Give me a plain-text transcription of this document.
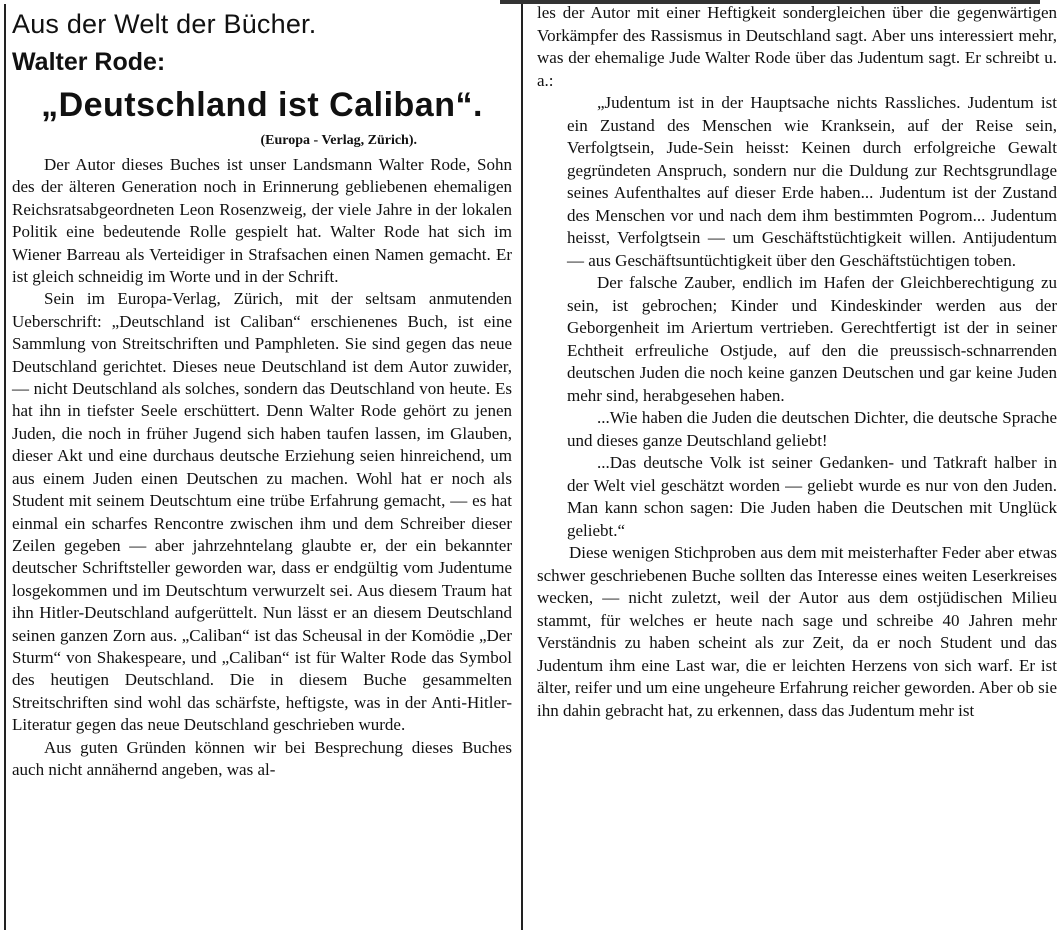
Aus der Welt der Bücher.
Walter Rode:
„Deutschland ist Caliban“.
(Europa - Verlag, Zürich).

Der Autor dieses Buches ist unser Landsmann Walter Rode, Sohn des der älteren Generation noch in Erinnerung gebliebenen ehemaligen Reichsratsabgeordneten Leon Rosenzweig, der viele Jahre in der lokalen Politik eine bedeutende Rolle gespielt hat. Walter Rode hat sich im Wiener Barreau als Verteidiger in Strafsachen einen Namen gemacht. Er ist gleich schneidig im Worte und in der Schrift.

Sein im Europa-Verlag, Zürich, mit der seltsam anmutenden Ueberschrift: „Deutschland ist Caliban“ erschienenes Buch, ist eine Sammlung von Streitschriften und Pamphleten. Sie sind gegen das neue Deutschland gerichtet. Dieses neue Deutschland ist dem Autor zuwider, — nicht Deutschland als solches, sondern das Deutschland von heute. Es hat ihn in tiefster Seele erschüttert. Denn Walter Rode gehört zu jenen Juden, die noch in früher Jugend sich haben taufen lassen, im Glauben, dieser Akt und eine durchaus deutsche Erziehung seien hinreichend, um aus einem Juden einen Deutschen zu machen. Wohl hat er noch als Student mit seinem Deutschtum eine trübe Erfahrung gemacht, — es hat einmal ein scharfes Rencontre zwischen ihm und dem Schreiber dieser Zeilen gegeben — aber jahrzehntelang glaubte er, der ein bekannter deutscher Schriftsteller geworden war, dass er endgültig vom Judentume losgekommen und im Deutschtum verwurzelt sei. Aus diesem Traum hat ihn Hitler-Deutschland aufgerüttelt. Nun lässt er an diesem Deutschland seinen ganzen Zorn aus. „Caliban“ ist das Scheusal in der Komödie „Der Sturm“ von Shakespeare, und „Caliban“ ist für Walter Rode das Symbol des heutigen Deutschland. Die in diesem Buche gesammelten Streitschriften sind wohl das schärfste, heftigste, was in der Anti-Hitler-Literatur gegen das neue Deutschland geschrieben wurde.

Aus guten Gründen können wir bei Besprechung dieses Buches auch nicht annähernd angeben, was al-

les der Autor mit einer Heftigkeit sondergleichen über die gegenwärtigen Vorkämpfer des Rassismus in Deutschland sagt. Aber uns interessiert mehr, was der ehemalige Jude Walter Rode über das Judentum sagt. Er schreibt u. a.:

„Judentum ist in der Hauptsache nichts Rassliches. Judentum ist ein Zustand des Menschen wie Kranksein, auf der Reise sein, Verfolgtsein, Jude-Sein heisst: Keinen durch erfolgreiche Gewalt gegründeten Anspruch, sondern nur die Duldung zur Rechtsgrundlage seines Aufenthaltes auf dieser Erde haben... Judentum ist der Zustand des Menschen vor und nach dem ihm bestimmten Pogrom... Judentum heisst, Verfolgtsein — um Geschäftstüchtigkeit willen. Antijudentum — aus Geschäftsuntüchtigkeit über den Geschäftstüchtigen toben.

Der falsche Zauber, endlich im Hafen der Gleichberechtigung zu sein, ist gebrochen; Kinder und Kindeskinder werden aus der Geborgenheit im Ariertum vertrieben. Gerechtfertigt ist der in seiner Echtheit erfreuliche Ostjude, auf den die preussisch-schnarrenden deutschen Juden die noch keine ganzen Deutschen und gar keine Juden mehr sind, herabgesehen haben.

...Wie haben die Juden die deutschen Dichter, die deutsche Sprache und dieses ganze Deutschland geliebt!

...Das deutsche Volk ist seiner Gedanken- und Tatkraft halber in der Welt viel geschätzt worden — geliebt wurde es nur von den Juden. Man kann schon sagen: Die Juden haben die Deutschen mit Unglück geliebt.“

Diese wenigen Stichproben aus dem mit meisterhafter Feder aber etwas schwer geschriebenen Buche sollten das Interesse eines weiten Leserkreises wecken, — nicht zuletzt, weil der Autor aus dem ostjüdischen Milieu stammt, für welches er heute nach sage und schreibe 40 Jahren mehr Verständnis zu haben scheint als zur Zeit, da er noch Student und das Judentum ihm eine Last war, die er leichten Herzens von sich warf. Er ist älter, reifer und um eine ungeheure Erfahrung reicher geworden. Aber ob sie ihn dahin gebracht hat, zu erkennen, dass das Judentum mehr ist
